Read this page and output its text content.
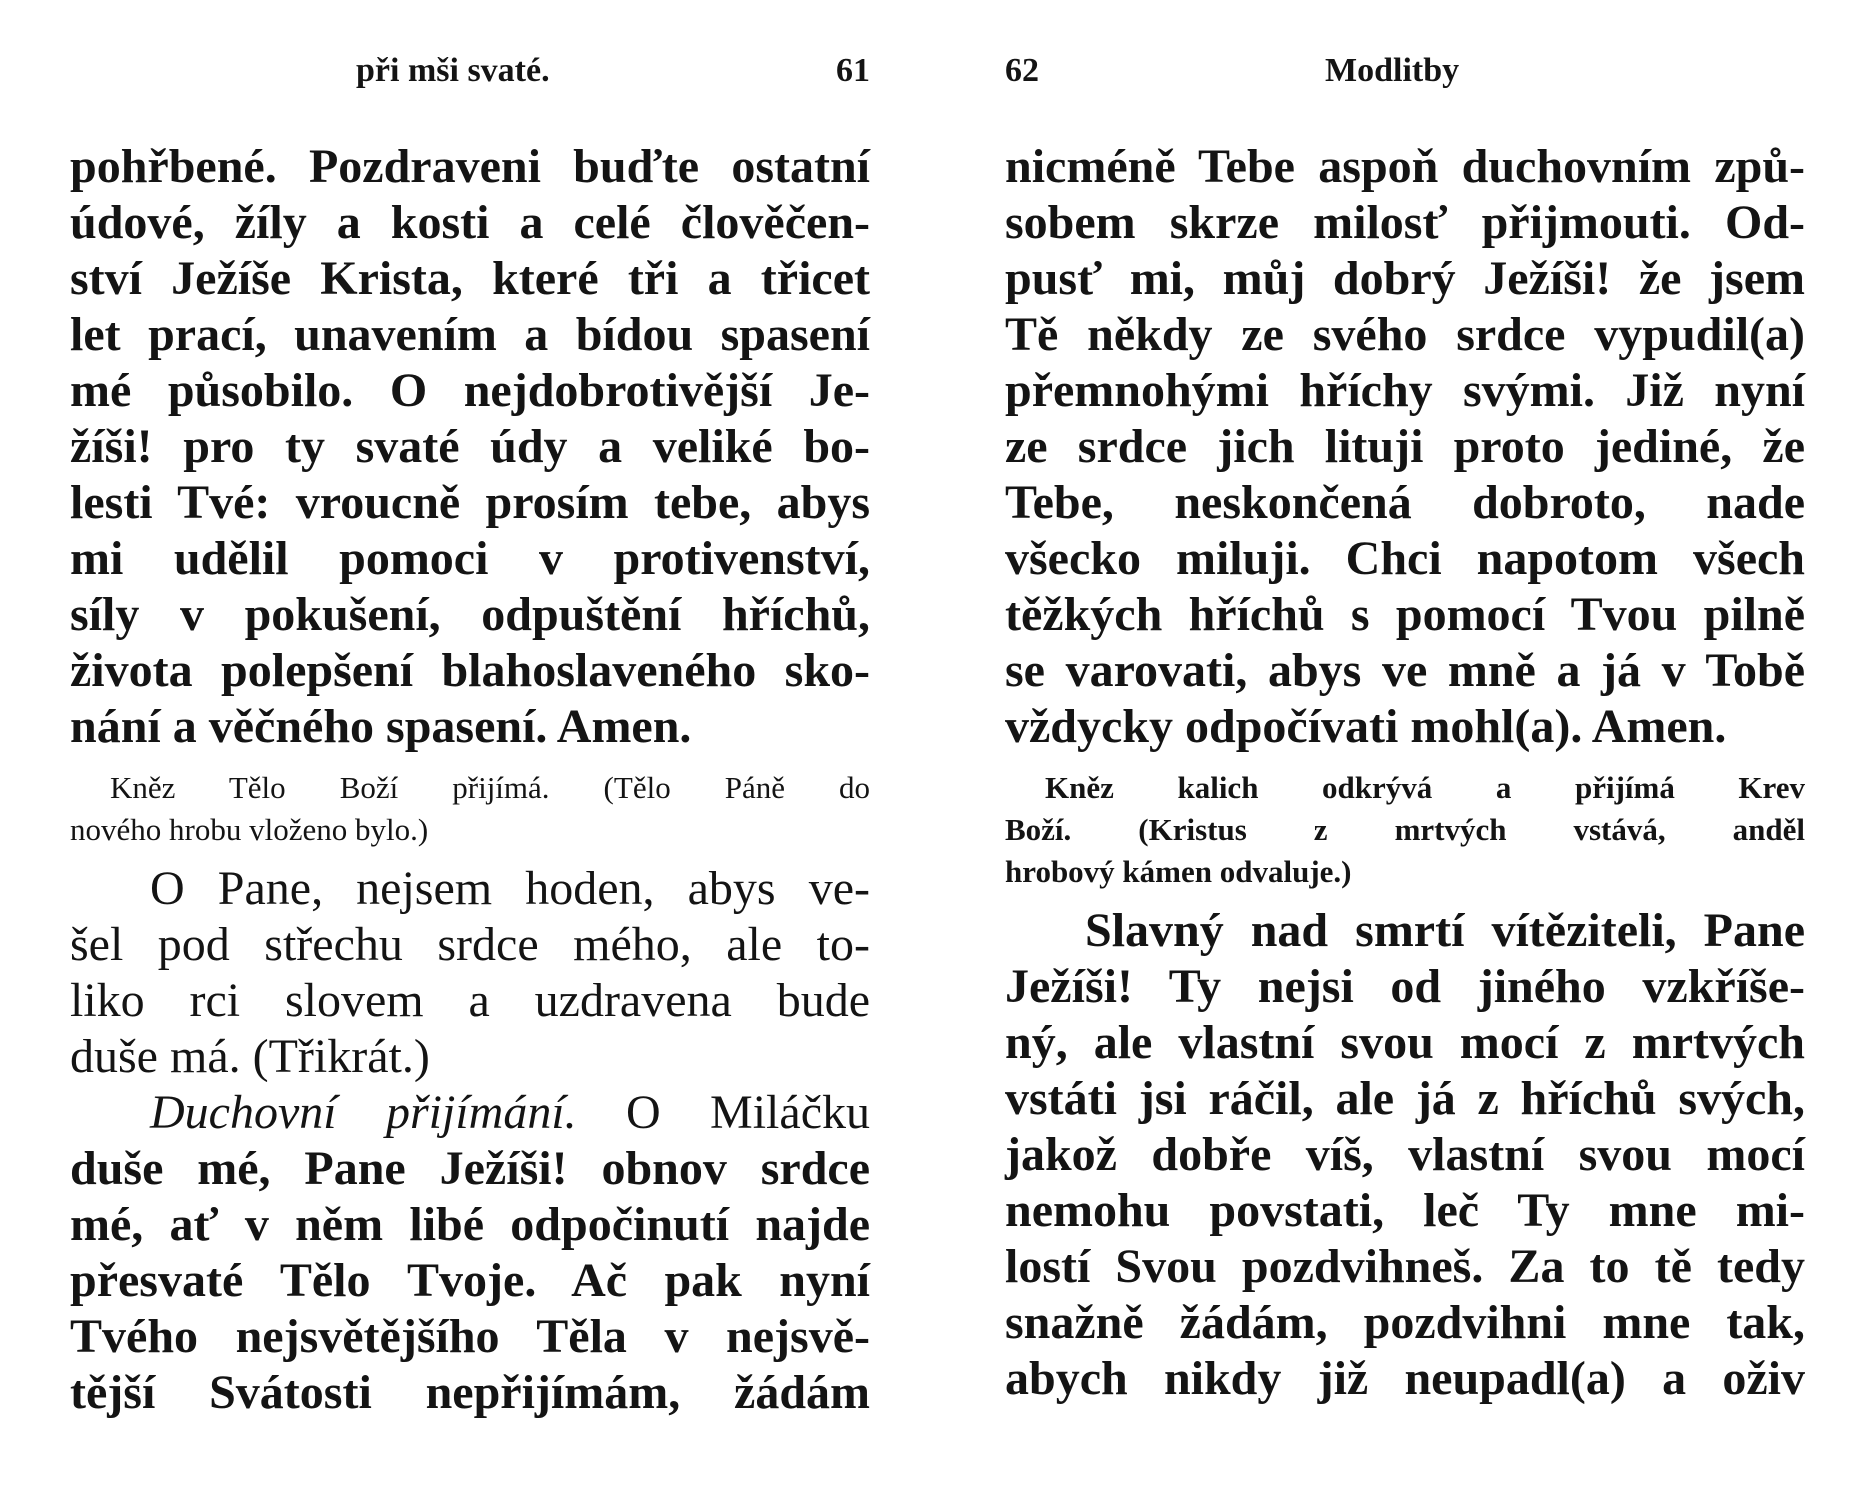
při mši svaté.	61
pohřbené. Pozdraveni buďte ostatní
údové, žíly a kosti a celé člověčen-
ství Ježíše Krista, které tři a třicet
let prací, unavením a bídou spasení
mé působilo. O nejdobrotivější Je-
žíši! pro ty svaté údy a veliké bo-
lesti Tvé: vroucně prosím tebe, abys
mi udělil pomoci v protivenství,
síly v pokušení, odpuštění hříchů,
života polepšení blahoslaveného sko-
nání a věčného spasení. Amen.
Kněz Tělo Boží přijímá. (Tělo Páně do
nového hrobu vloženo bylo.)
O Pane, nejsem hoden, abys ve-
šel pod střechu srdce mého, ale to-
liko rci slovem a uzdravena bude
duše má. (Třikrát.)
Duchovní přijímání. O Miláčku
duše mé, Pane Ježíši! obnov srdce
mé, ať v něm libé odpočinutí najde
přesvaté Tělo Tvoje. Ač pak nyní
Tvého nejsvětějšího Těla v nejsvě-
tější Svátosti nepřijímám, žádám
62	Modlitby
nicméně Tebe aspoň duchovním způ-
sobem skrze milosť přijmouti. Od-
pusť mi, můj dobrý Ježíši! že jsem
Tě někdy ze svého srdce vypudil(a)
přemnohými hříchy svými. Již nyní
ze srdce jich lituji proto jediné, že
Tebe, neskončená dobroto, nade
všecko miluji. Chci napotom všech
těžkých hříchů s pomocí Tvou pilně
se varovati, abys ve mně a já v Tobě
vždycky odpočívati mohl(a). Amen.
Kněz kalich odkrývá a přijímá Krev
Boží. (Kristus z mrtvých vstává, anděl
hrobový kámen odvaluje.)
Slavný nad smrtí vítěziteli, Pane
Ježíši! Ty nejsi od jiného vzkříše-
ný, ale vlastní svou mocí z mrtvých
vstáti jsi ráčil, ale já z hříchů svých,
jakož dobře víš, vlastní svou mocí
nemohu povstati, leč Ty mne mi-
lostí Svou pozdvihneš. Za to tě tedy
snažně žádám, pozdvihni mne tak,
abych nikdy již neupadl(a) a oživ
